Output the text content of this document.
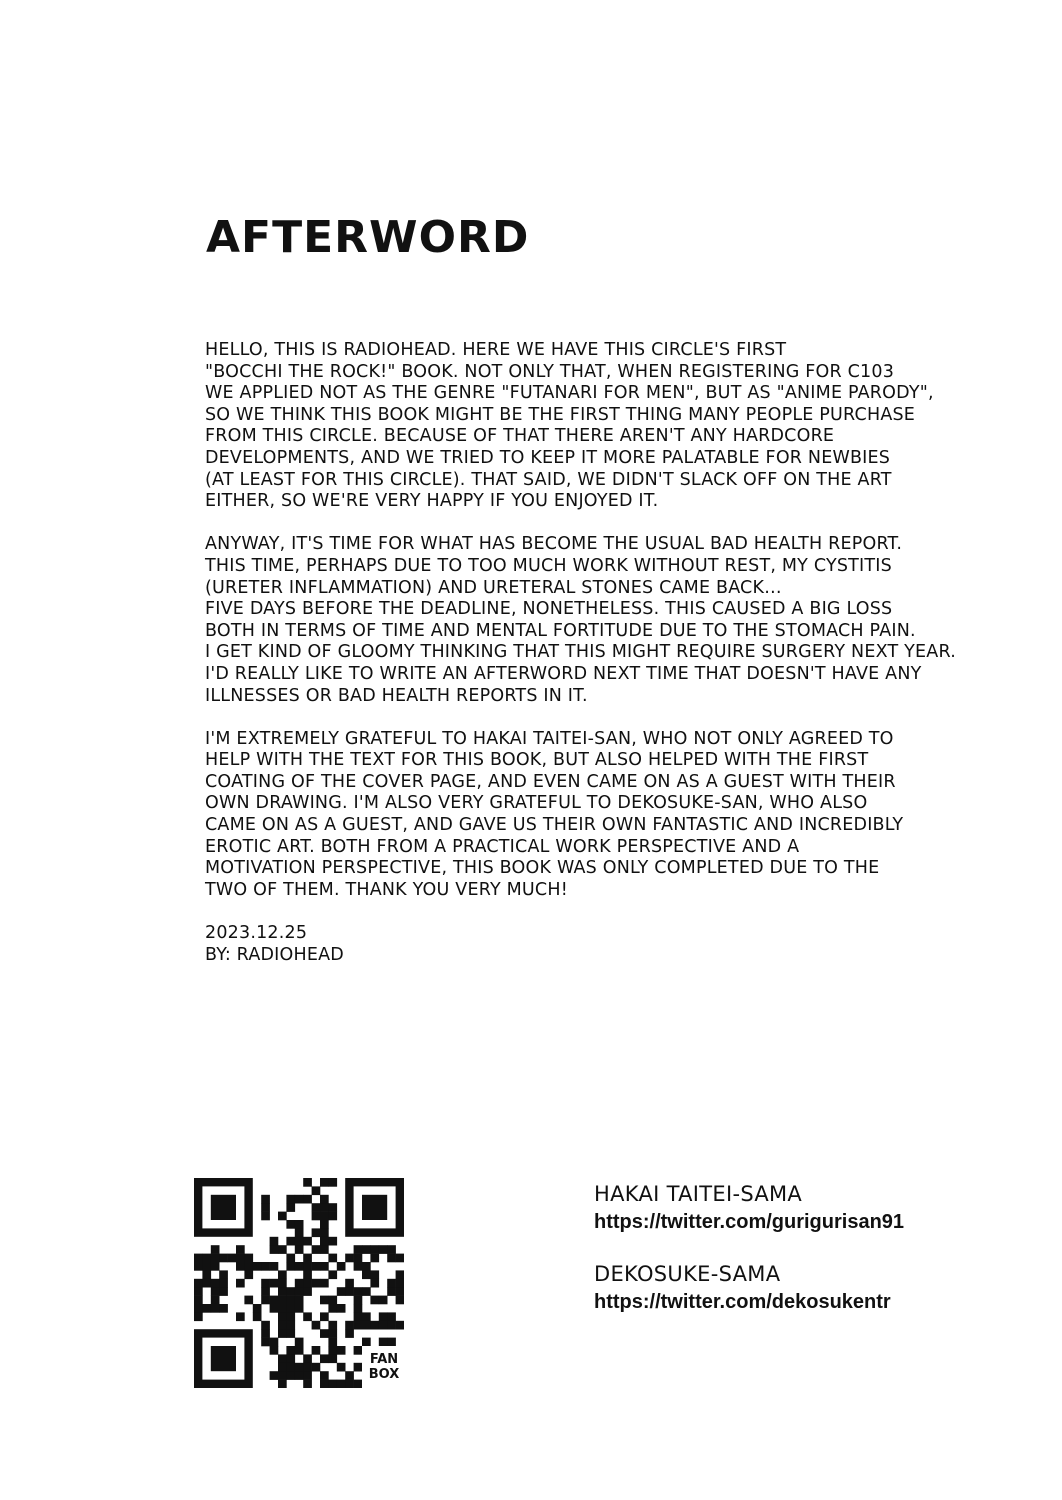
AFTERWORD

HELLO, THIS IS RADIOHEAD. HERE WE HAVE THIS CIRCLE'S FIRST
"BOCCHI THE ROCK!" BOOK. NOT ONLY THAT, WHEN REGISTERING FOR C103
WE APPLIED NOT AS THE GENRE "FUTANARI FOR MEN", BUT AS "ANIME PARODY",
SO WE THINK THIS BOOK MIGHT BE THE FIRST THING MANY PEOPLE PURCHASE
FROM THIS CIRCLE. BECAUSE OF THAT THERE AREN'T ANY HARDCORE
DEVELOPMENTS, AND WE TRIED TO KEEP IT MORE PALATABLE FOR NEWBIES
(AT LEAST FOR THIS CIRCLE). THAT SAID, WE DIDN'T SLACK OFF ON THE ART
EITHER, SO WE'RE VERY HAPPY IF YOU ENJOYED IT.

ANYWAY, IT'S TIME FOR WHAT HAS BECOME THE USUAL BAD HEALTH REPORT.
THIS TIME, PERHAPS DUE TO TOO MUCH WORK WITHOUT REST, MY CYSTITIS
(URETER INFLAMMATION) AND URETERAL STONES CAME BACK…
FIVE DAYS BEFORE THE DEADLINE, NONETHELESS. THIS CAUSED A BIG LOSS
BOTH IN TERMS OF TIME AND MENTAL FORTITUDE DUE TO THE STOMACH PAIN.
I GET KIND OF GLOOMY THINKING THAT THIS MIGHT REQUIRE SURGERY NEXT YEAR.
I'D REALLY LIKE TO WRITE AN AFTERWORD NEXT TIME THAT DOESN'T HAVE ANY
ILLNESSES OR BAD HEALTH REPORTS IN IT.

I'M EXTREMELY GRATEFUL TO HAKAI TAITEI-SAN, WHO NOT ONLY AGREED TO
HELP WITH THE TEXT FOR THIS BOOK, BUT ALSO HELPED WITH THE FIRST
COATING OF THE COVER PAGE, AND EVEN CAME ON AS A GUEST WITH THEIR
OWN DRAWING. I'M ALSO VERY GRATEFUL TO DEKOSUKE-SAN, WHO ALSO
CAME ON AS A GUEST, AND GAVE US THEIR OWN FANTASTIC AND INCREDIBLY
EROTIC ART. BOTH FROM A PRACTICAL WORK PERSPECTIVE AND A
MOTIVATION PERSPECTIVE, THIS BOOK WAS ONLY COMPLETED DUE TO THE
TWO OF THEM. THANK YOU VERY MUCH!

2023.12.25

BY: RADIOHEAD

FAN
BOX
HAKAI TAITEI-SAMA
https://twitter.com/gurigurisan91
DEKOSUKE-SAMA
https://twitter.com/dekosukentr
